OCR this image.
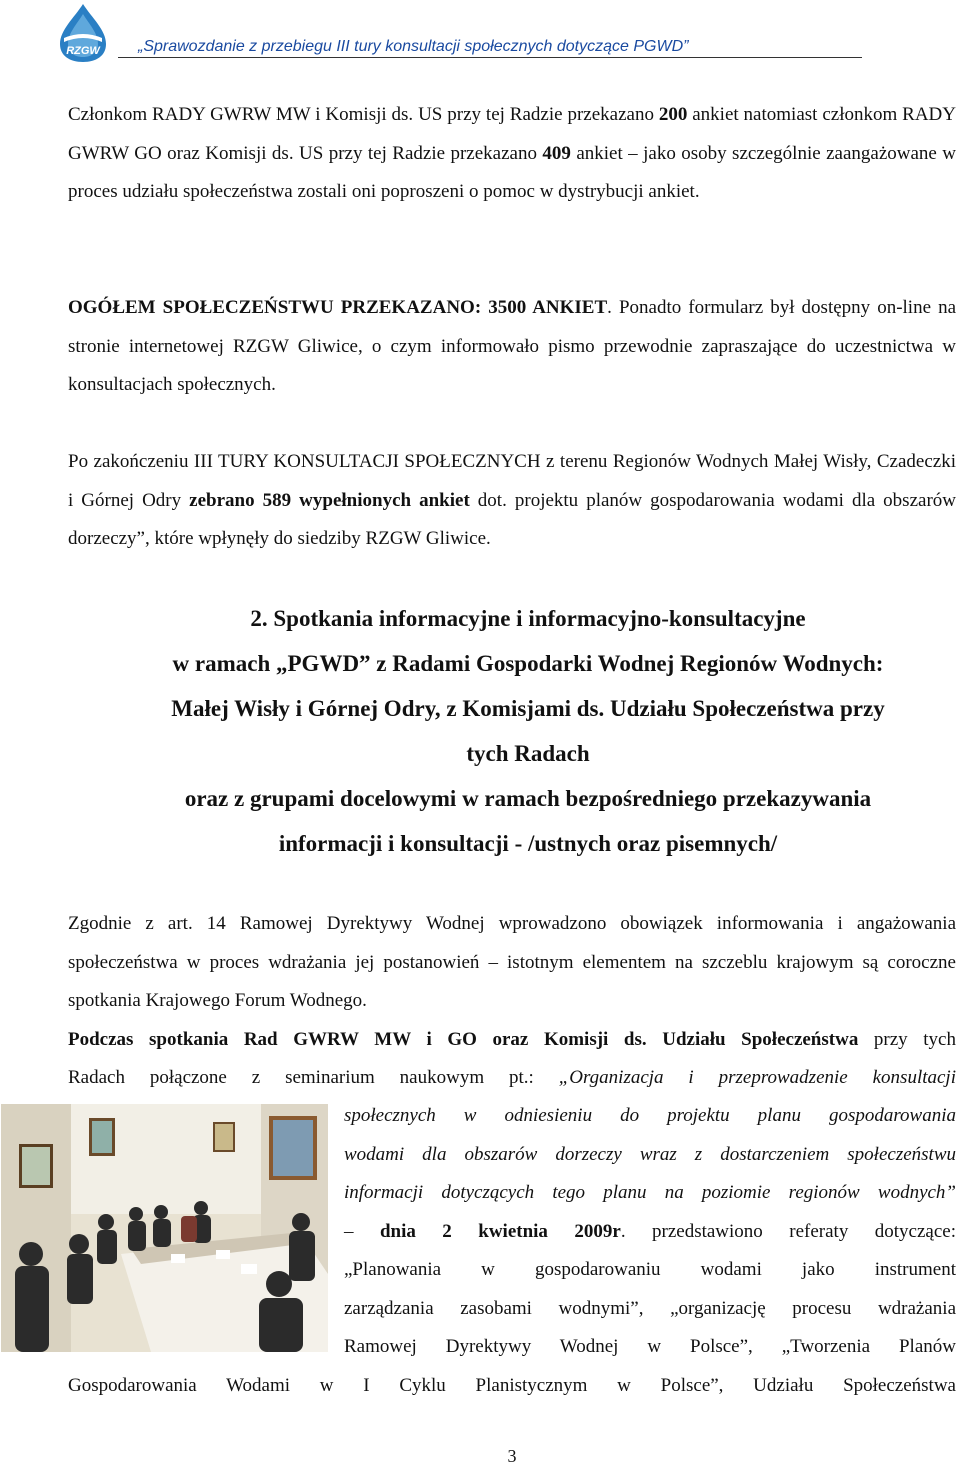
RZGW „Sprawozdanie z przebiegu III tury konsultacji społecznych dotyczące PGWD”
Członkom RADY GWRW MW i Komisji ds. US przy tej Radzie przekazano 200 ankiet natomiast członkom RADY GWRW GO oraz Komisji ds. US przy tej Radzie przekazano 409 ankiet – jako osoby szczególnie zaangażowane w proces udziału społeczeństwa zostali oni poproszeni o pomoc w dystrybucji ankiet.
OGÓŁEM SPOŁECZEŃSTWU PRZEKAZANO: 3500 ANKIET. Ponadto formularz był dostępny on-line na stronie internetowej RZGW Gliwice, o czym informowało pismo przewodnie zapraszające do uczestnictwa w konsultacjach społecznych.
Po zakończeniu III TURY KONSULTACJI SPOŁECZNYCH z terenu Regionów Wodnych Małej Wisły, Czadeczki i Górnej Odry zebrano 589 wypełnionych ankiet dot. projektu planów gospodarowania wodami dla obszarów dorzeczy”, które wpłynęły do siedziby RZGW Gliwice.
2. Spotkania informacyjne i informacyjno-konsultacyjne
w ramach „PGWD” z Radami Gospodarki Wodnej Regionów Wodnych:
Małej Wisły i Górnej Odry, z Komisjami ds. Udziału Społeczeństwa przy
tych Radach
oraz z grupami docelowymi w ramach bezpośredniego przekazywania
informacji i konsultacji - /ustnych oraz pisemnych/
Zgodnie z art. 14 Ramowej Dyrektywy Wodnej wprowadzono obowiązek informowania i angażowania społeczeństwa w proces wdrażania jej postanowień – istotnym elementem na szczeblu krajowym są coroczne spotkania Krajowego Forum Wodnego.
Podczas spotkania Rad GWRW MW i GO oraz Komisji ds. Udziału Społeczeństwa przy tych
Radach połączone z seminarium naukowym pt.: „Organizacja i przeprowadzenie konsultacji
społecznych w odniesieniu do projektu planu gospodarowania
wodami dla obszarów dorzeczy wraz z dostarczeniem społeczeństwu
informacji dotyczących tego planu na poziomie regionów wodnych”
– dnia 2 kwietnia 2009r. przedstawiono referaty dotyczące:
„Planowania w gospodarowaniu wodami jako instrument
zarządzania zasobami wodnymi”, „organizację procesu wdrażania
Ramowej Dyrektywy Wodnej w Polsce”, „Tworzenia Planów
Gospodarowania Wodami w I Cyklu Planistycznym w Polsce”, Udziału Społeczeństwa
3
